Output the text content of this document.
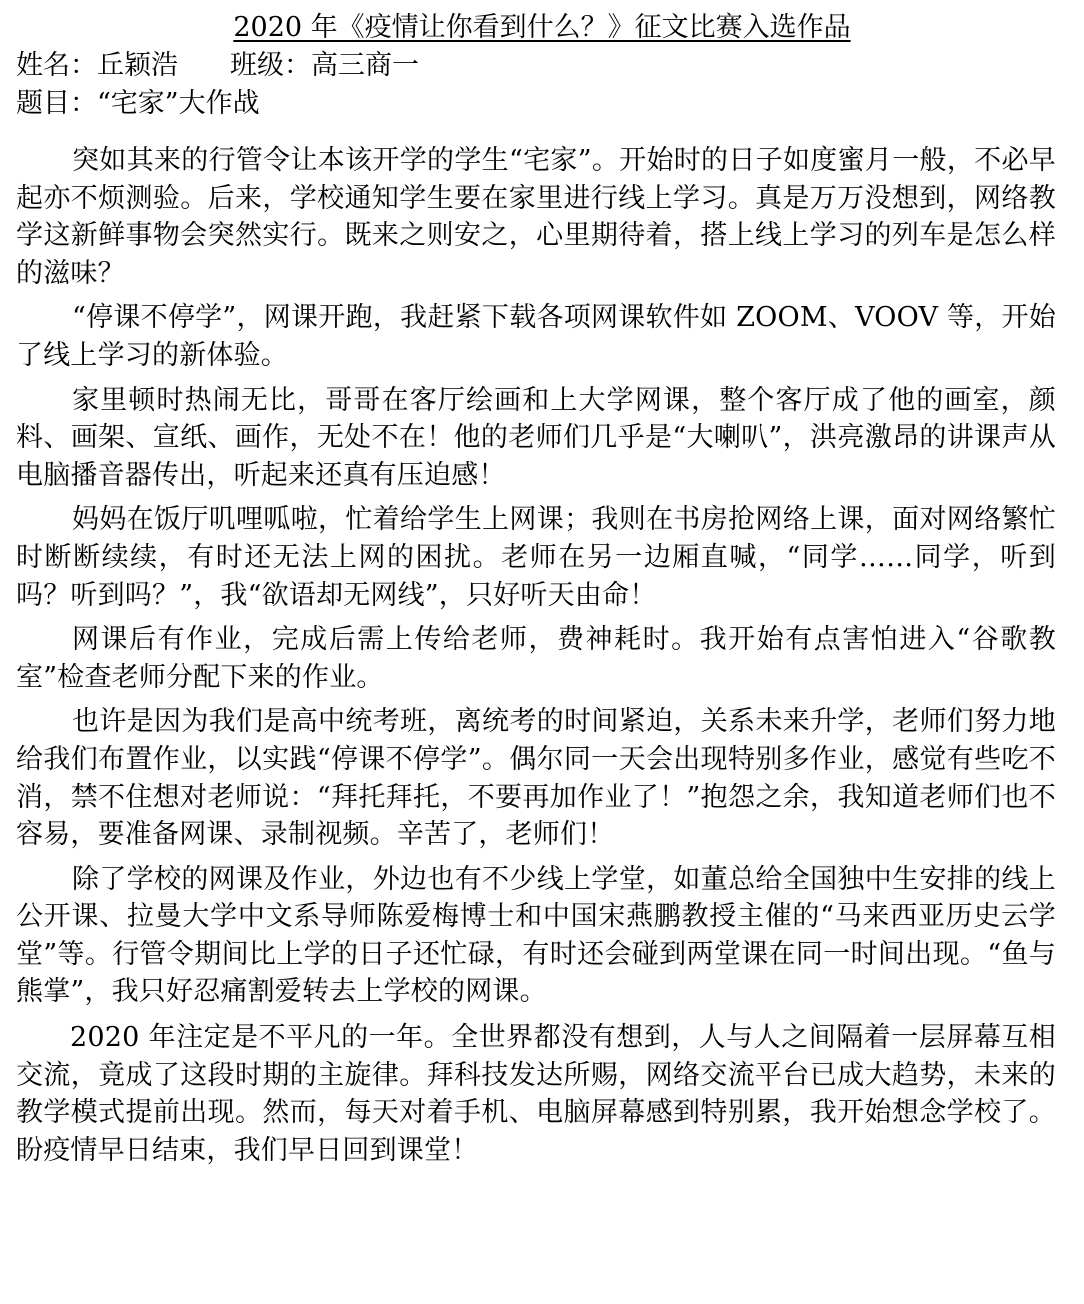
2020 年《疫情让你看到什么？》征文比赛入选作品
姓名：丘颖浩 班级：高三商一
题目：“宅家”大作战

突如其来的行管令让本该开学的学生“宅家”。开始时的日子如度蜜月一般，不必早起亦不烦测验。后来，学校通知学生要在家里进行线上学习。真是万万没想到，网络教学这新鲜事物会突然实行。既来之则安之，心里期待着，搭上线上学习的列车是怎么样的滋味？

“停课不停学”，网课开跑，我赶紧下载各项网课软件如 ZOOM、VOOV 等，开始了线上学习的新体验。

家里顿时热闹无比，哥哥在客厅绘画和上大学网课，整个客厅成了他的画室，颜料、画架、宣纸、画作，无处不在！他的老师们几乎是“大喇叭”，洪亮激昂的讲课声从电脑播音器传出，听起来还真有压迫感！

妈妈在饭厅叽哩呱啦，忙着给学生上网课；我则在书房抢网络上课，面对网络繁忙时断断续续，有时还无法上网的困扰。老师在另一边厢直喊，“同学……同学，听到吗？听到吗？”，我“欲语却无网线”，只好听天由命！

网课后有作业，完成后需上传给老师，费神耗时。我开始有点害怕进入“谷歌教室”检查老师分配下来的作业。

也许是因为我们是高中统考班，离统考的时间紧迫，关系未来升学，老师们努力地给我们布置作业，以实践“停课不停学”。偶尔同一天会出现特别多作业，感觉有些吃不消，禁不住想对老师说：“拜托拜托，不要再加作业了！”抱怨之余，我知道老师们也不容易，要准备网课、录制视频。辛苦了，老师们！

除了学校的网课及作业，外边也有不少线上学堂，如董总给全国独中生安排的线上公开课、拉曼大学中文系导师陈爱梅博士和中国宋燕鹏教授主催的“马来西亚历史云学堂”等。行管令期间比上学的日子还忙碌，有时还会碰到两堂课在同一时间出现。“鱼与熊掌”，我只好忍痛割爱转去上学校的网课。

2020 年注定是不平凡的一年。全世界都没有想到，人与人之间隔着一层屏幕互相交流，竟成了这段时期的主旋律。拜科技发达所赐，网络交流平台已成大趋势，未来的教学模式提前出现。然而，每天对着手机、电脑屏幕感到特别累，我开始想念学校了。盼疫情早日结束，我们早日回到课堂！
